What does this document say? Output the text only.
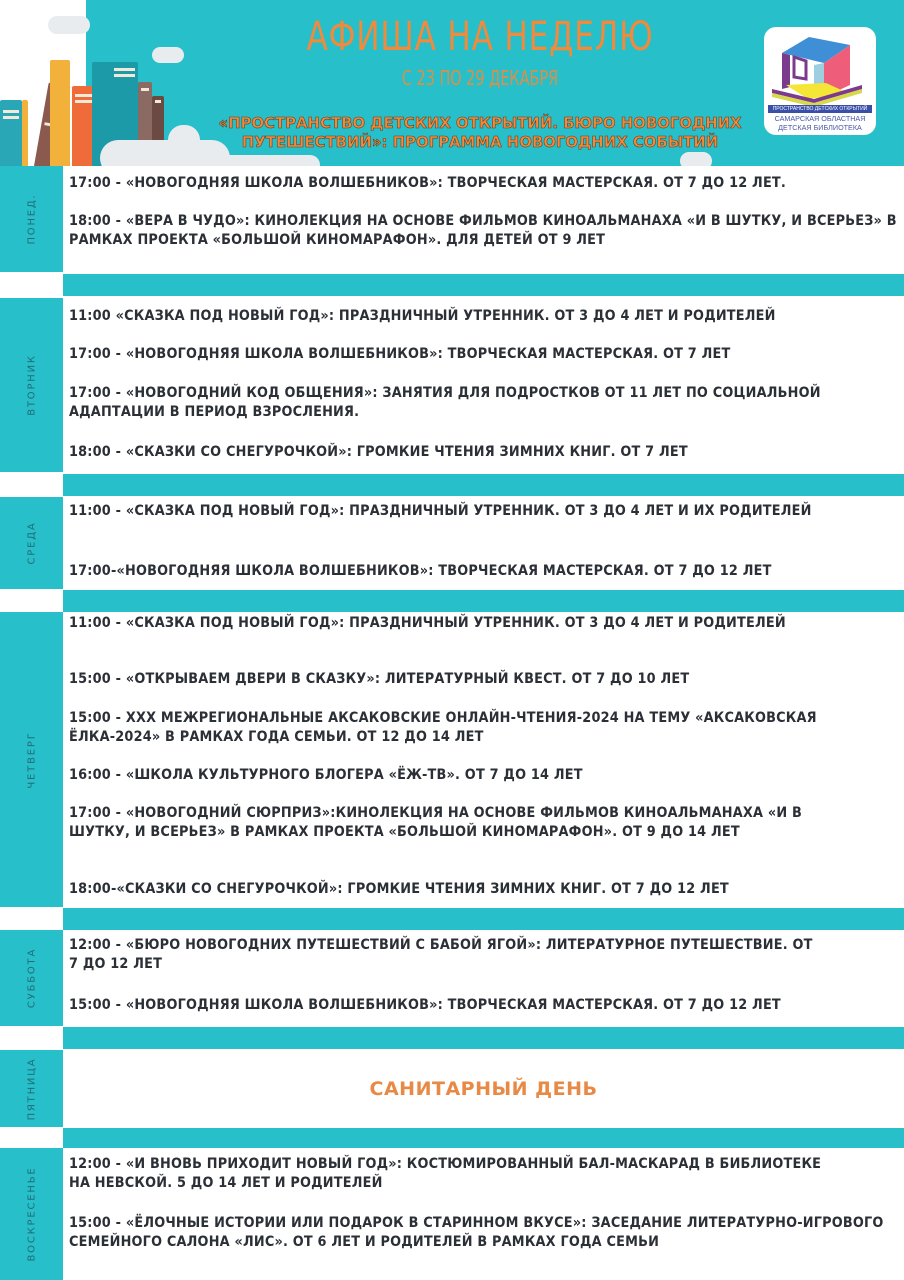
АФИША НА НЕДЕЛЮ
С 23 ПО 29 ДЕКАБРЯ
«ПРОСТРАНСТВО ДЕТСКИХ ОТКРЫТИЙ. БЮРО НОВОГОДНИХ ПУТЕШЕСТВИЙ»: ПРОГРАММА НОВОГОДНИХ СОБЫТИЙ
ПРОСТРАНСТВО ДЕТСКИХ ОТКРЫТИЙ
САМАРСКАЯ ОБЛАСТНАЯ
ДЕТСКАЯ БИБЛИОТЕКА
ПОНЕД.
17:00 - «НОВОГОДНЯЯ ШКОЛА ВОЛШЕБНИКОВ»: ТВОРЧЕСКАЯ МАСТЕРСКАЯ. ОТ 7 ДО 12 ЛЕТ.
18:00 - «ВЕРА В ЧУДО»: КИНОЛЕКЦИЯ НА ОСНОВЕ ФИЛЬМОВ КИНОАЛЬМАНАХА «И В ШУТКУ, И ВСЕРЬЕЗ» В РАМКАХ ПРОЕКТА «БОЛЬШОЙ КИНОМАРАФОН». ДЛЯ ДЕТЕЙ ОТ 9 ЛЕТ
ВТОРНИК
11:00 «СКАЗКА ПОД НОВЫЙ ГОД»: ПРАЗДНИЧНЫЙ УТРЕННИК. ОТ 3 ДО 4 ЛЕТ И РОДИТЕЛЕЙ
17:00 - «НОВОГОДНЯЯ ШКОЛА ВОЛШЕБНИКОВ»: ТВОРЧЕСКАЯ МАСТЕРСКАЯ. ОТ 7 ЛЕТ
17:00 - «НОВОГОДНИЙ КОД ОБЩЕНИЯ»: ЗАНЯТИЯ ДЛЯ ПОДРОСТКОВ ОТ 11 ЛЕТ ПО СОЦИАЛЬНОЙ АДАПТАЦИИ В ПЕРИОД ВЗРОСЛЕНИЯ.
18:00 - «СКАЗКИ СО СНЕГУРОЧКОЙ»: ГРОМКИЕ ЧТЕНИЯ ЗИМНИХ КНИГ. ОТ 7 ЛЕТ
СРЕДА
11:00 - «СКАЗКА ПОД НОВЫЙ ГОД»: ПРАЗДНИЧНЫЙ УТРЕННИК. ОТ 3 ДО 4 ЛЕТ И ИХ РОДИТЕЛЕЙ
17:00-«НОВОГОДНЯЯ ШКОЛА ВОЛШЕБНИКОВ»: ТВОРЧЕСКАЯ МАСТЕРСКАЯ. ОТ 7 ДО 12 ЛЕТ
ЧЕТВЕРГ
11:00 - «СКАЗКА ПОД НОВЫЙ ГОД»: ПРАЗДНИЧНЫЙ УТРЕННИК. ОТ 3 ДО 4 ЛЕТ И РОДИТЕЛЕЙ
15:00 - «ОТКРЫВАЕМ ДВЕРИ В СКАЗКУ»: ЛИТЕРАТУРНЫЙ КВЕСТ. ОТ 7 ДО 10 ЛЕТ
15:00 - XXX МЕЖРЕГИОНАЛЬНЫЕ АКСАКОВСКИЕ ОНЛАЙН-ЧТЕНИЯ-2024 НА ТЕМУ «АКСАКОВСКАЯ ЁЛКА-2024» В РАМКАХ ГОДА СЕМЬИ. ОТ 12 ДО 14 ЛЕТ
16:00 - «ШКОЛА КУЛЬТУРНОГО БЛОГЕРА «ЁЖ-ТВ». ОТ 7 ДО 14 ЛЕТ
17:00 - «НОВОГОДНИЙ СЮРПРИЗ»:КИНОЛЕКЦИЯ НА ОСНОВЕ ФИЛЬМОВ КИНОАЛЬМАНАХА «И В ШУТКУ, И ВСЕРЬЕЗ» В РАМКАХ ПРОЕКТА «БОЛЬШОЙ КИНОМАРАФОН». ОТ 9 ДО 14 ЛЕТ
18:00-«СКАЗКИ СО СНЕГУРОЧКОЙ»: ГРОМКИЕ ЧТЕНИЯ ЗИМНИХ КНИГ. ОТ 7 ДО 12 ЛЕТ
СУББОТА
12:00 - «БЮРО НОВОГОДНИХ ПУТЕШЕСТВИЙ С БАБОЙ ЯГОЙ»: ЛИТЕРАТУРНОЕ ПУТЕШЕСТВИЕ. ОТ 7 ДО 12 ЛЕТ
15:00 - «НОВОГОДНЯЯ ШКОЛА ВОЛШЕБНИКОВ»: ТВОРЧЕСКАЯ МАСТЕРСКАЯ. ОТ 7 ДО 12 ЛЕТ
ПЯТНИЦА	САНИТАРНЫЙ ДЕНЬ
ВОСКРЕСЕНЬЕ
12:00 - «И ВНОВЬ ПРИХОДИТ НОВЫЙ ГОД»: КОСТЮМИРОВАННЫЙ БАЛ-МАСКАРАД В БИБЛИОТЕКЕ НА НЕВСКОЙ. 5 ДО 14 ЛЕТ И РОДИТЕЛЕЙ
15:00 - «ЁЛОЧНЫЕ ИСТОРИИ ИЛИ ПОДАРОК В СТАРИННОМ ВКУСЕ»: ЗАСЕДАНИЕ ЛИТЕРАТУРНО-ИГРОВОГО СЕМЕЙНОГО САЛОНА «ЛИС». ОТ 6 ЛЕТ И РОДИТЕЛЕЙ В РАМКАХ ГОДА СЕМЬИ
